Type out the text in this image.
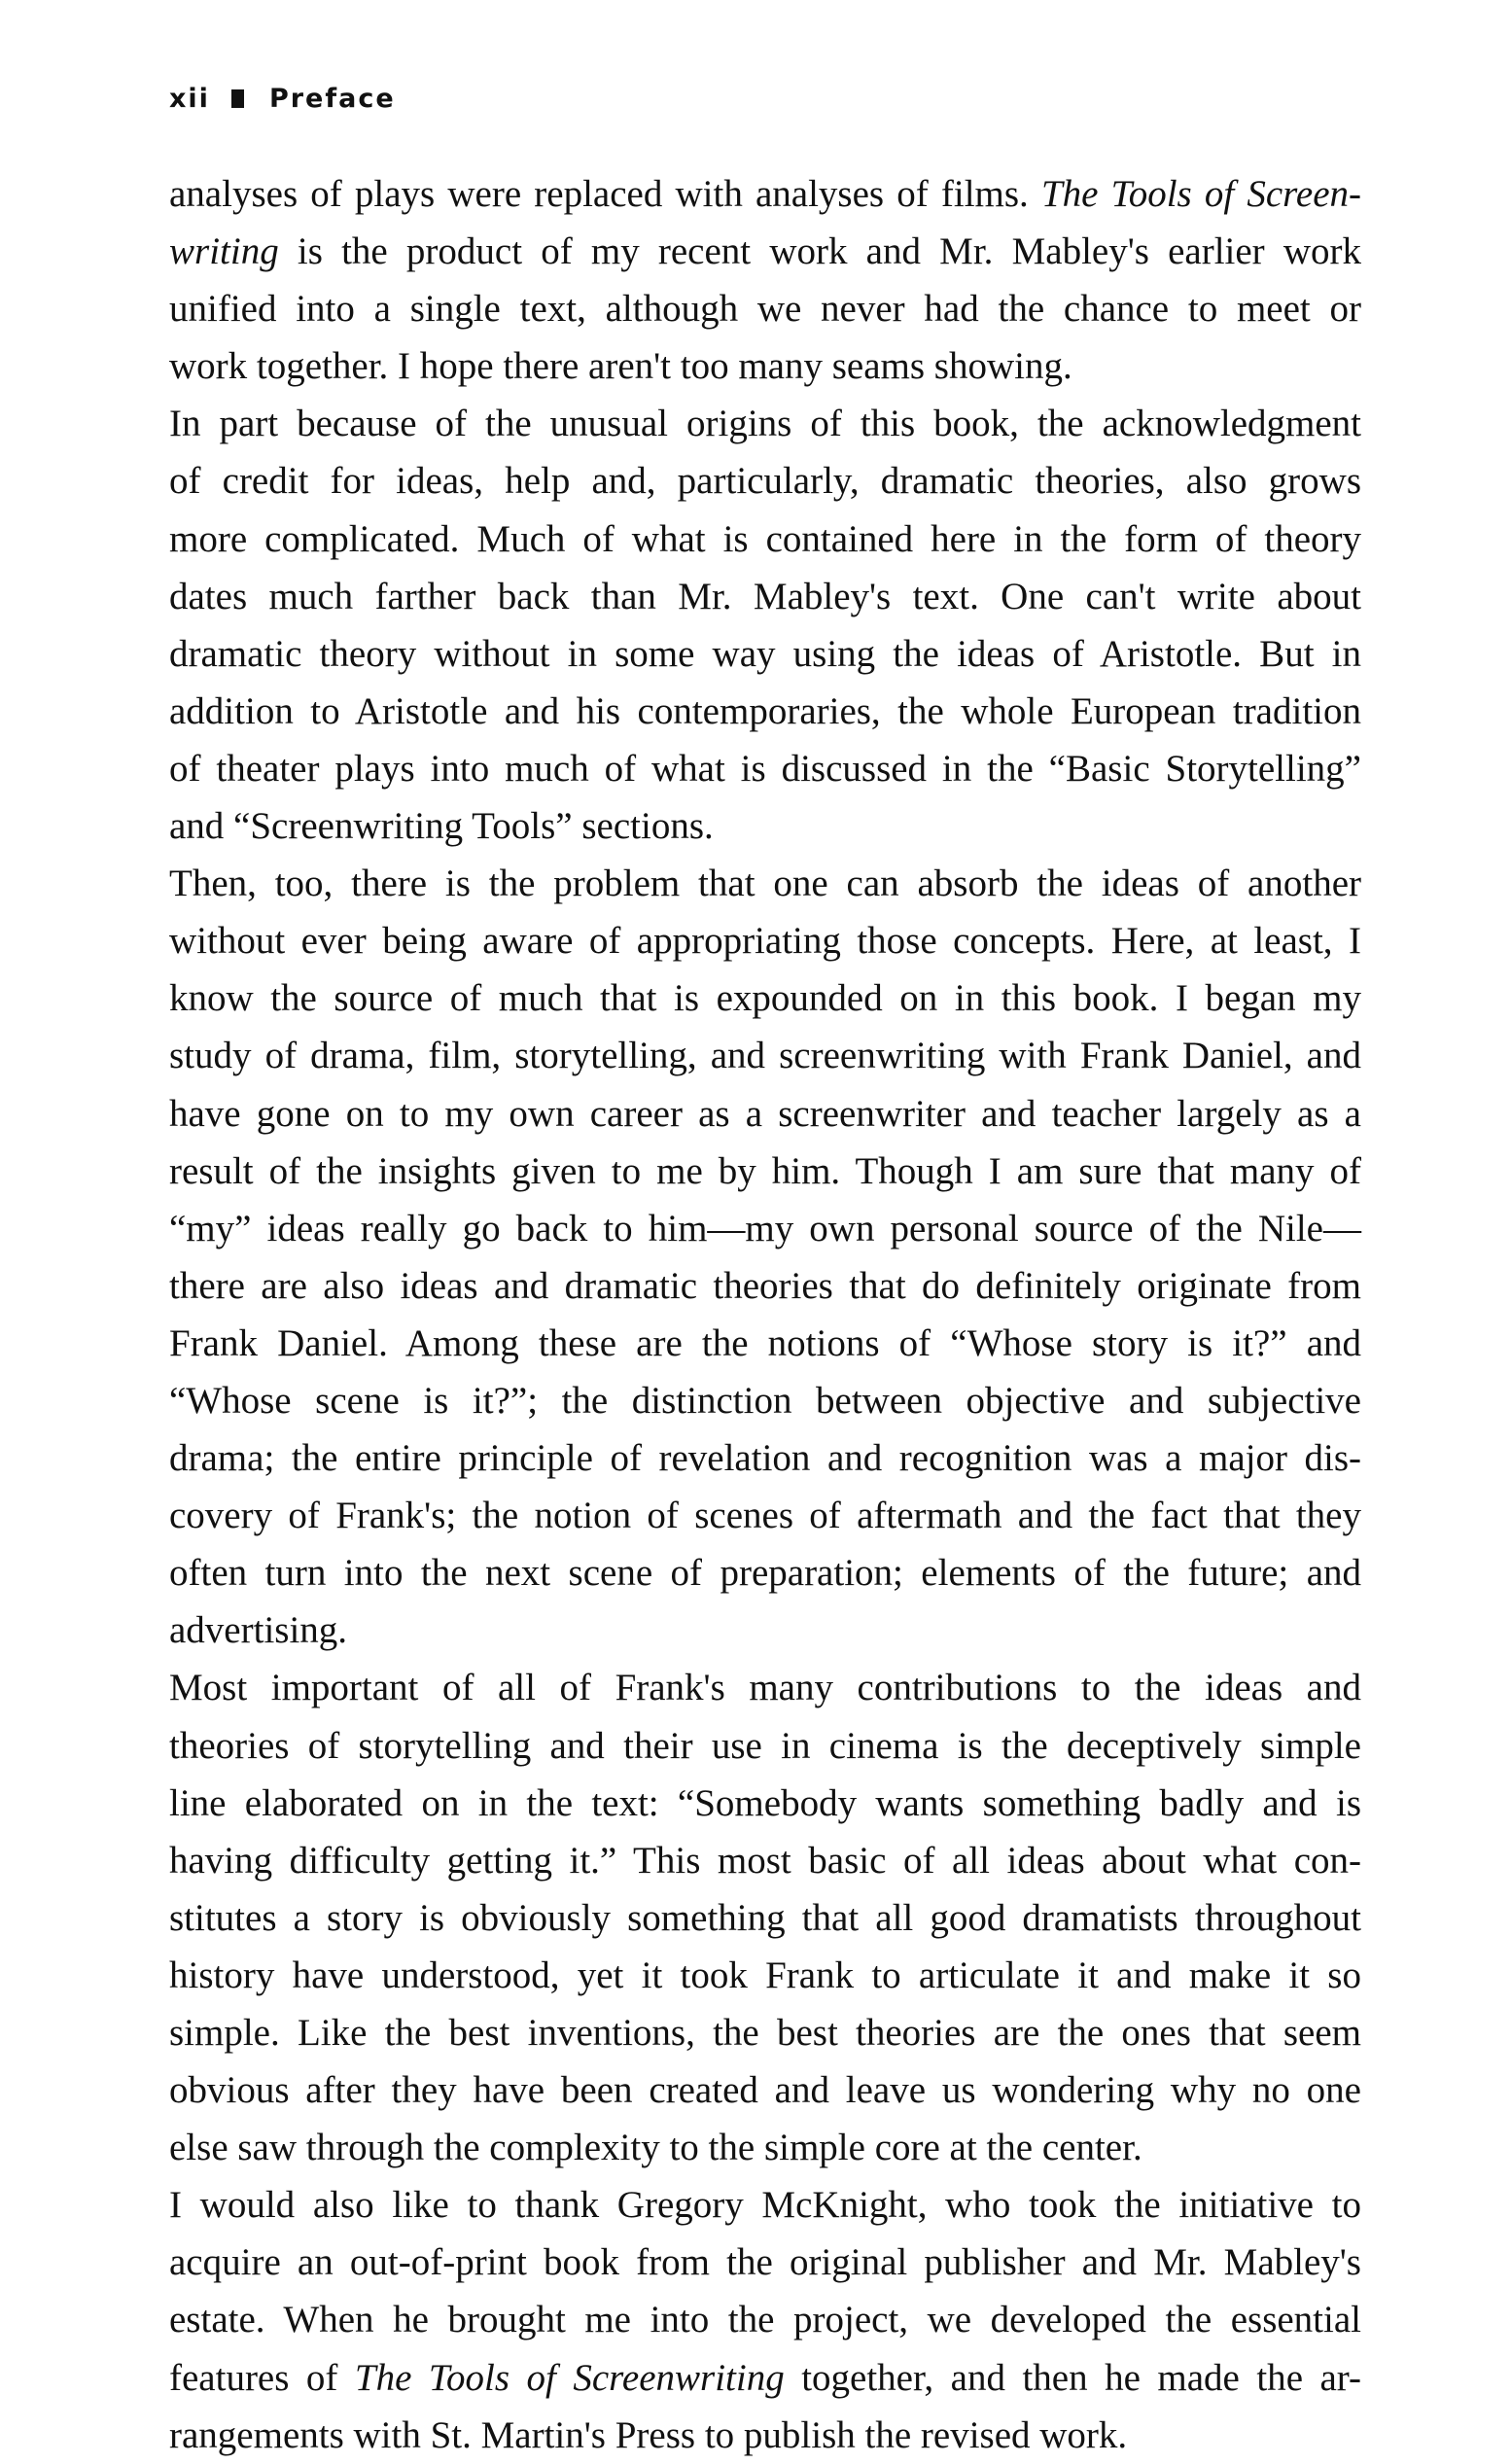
xii Preface
analyses of plays were replaced with analyses of films. The Tools of Screen-
writing is the product of my recent work and Mr. Mabley's earlier work
unified into a single text, although we never had the chance to meet or
work together. I hope there aren't too many seams showing.
In part because of the unusual origins of this book, the acknowledgment
of credit for ideas, help and, particularly, dramatic theories, also grows
more complicated. Much of what is contained here in the form of theory
dates much farther back than Mr. Mabley's text. One can't write about
dramatic theory without in some way using the ideas of Aristotle. But in
addition to Aristotle and his contemporaries, the whole European tradition
of theater plays into much of what is discussed in the “Basic Storytelling”
and “Screenwriting Tools” sections.
Then, too, there is the problem that one can absorb the ideas of another
without ever being aware of appropriating those concepts. Here, at least, I
know the source of much that is expounded on in this book. I began my
study of drama, film, storytelling, and screenwriting with Frank Daniel, and
have gone on to my own career as a screenwriter and teacher largely as a
result of the insights given to me by him. Though I am sure that many of
“my” ideas really go back to him—my own personal source of the Nile—
there are also ideas and dramatic theories that do definitely originate from
Frank Daniel. Among these are the notions of “Whose story is it?” and
“Whose scene is it?”; the distinction between objective and subjective
drama; the entire principle of revelation and recognition was a major dis-
covery of Frank's; the notion of scenes of aftermath and the fact that they
often turn into the next scene of preparation; elements of the future; and
advertising.
Most important of all of Frank's many contributions to the ideas and
theories of storytelling and their use in cinema is the deceptively simple
line elaborated on in the text: “Somebody wants something badly and is
having difficulty getting it.” This most basic of all ideas about what con-
stitutes a story is obviously something that all good dramatists throughout
history have understood, yet it took Frank to articulate it and make it so
simple. Like the best inventions, the best theories are the ones that seem
obvious after they have been created and leave us wondering why no one
else saw through the complexity to the simple core at the center.
I would also like to thank Gregory McKnight, who took the initiative to
acquire an out-of-print book from the original publisher and Mr. Mabley's
estate. When he brought me into the project, we developed the essential
features of The Tools of Screenwriting together, and then he made the ar-
rangements with St. Martin's Press to publish the revised work.
